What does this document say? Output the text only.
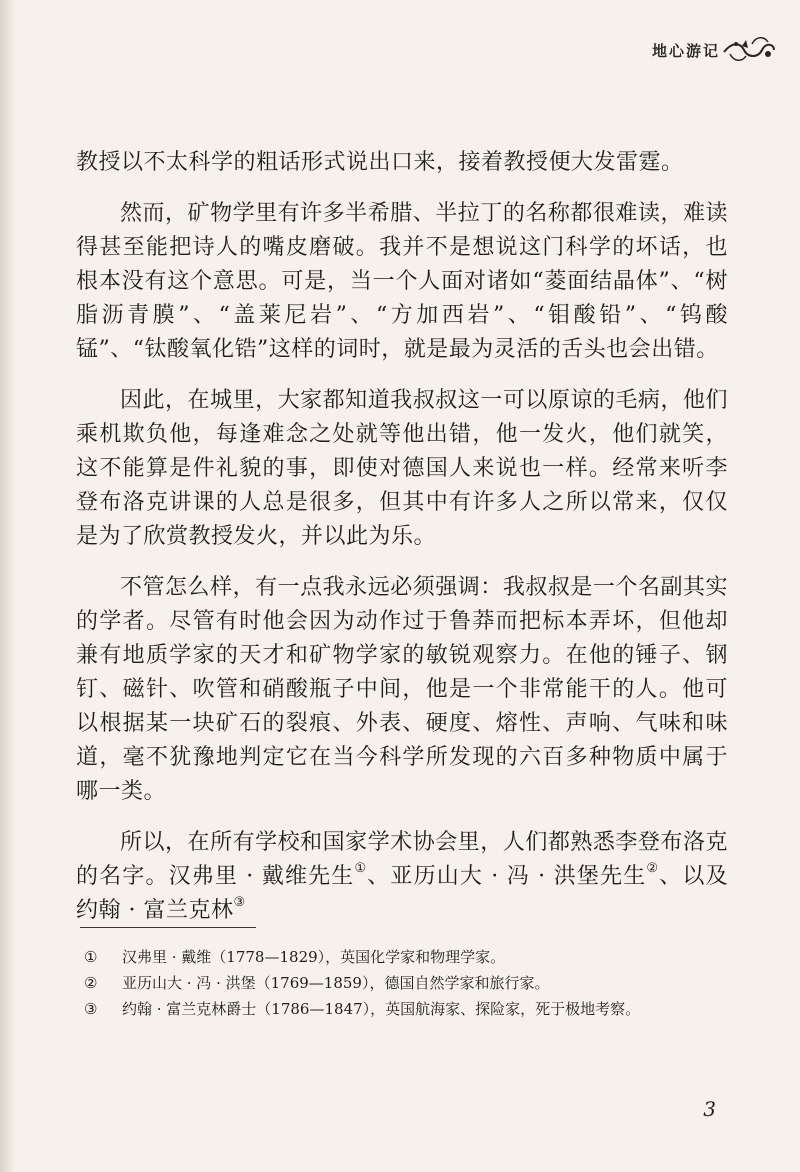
地心游记

教授以不太科学的粗话形式说出口来，接着教授便大发雷霆。

然而，矿物学里有许多半希腊、半拉丁的名称都很难读，难读得甚至能把诗人的嘴皮磨破。我并不是想说这门科学的坏话，也根本没有这个意思。可是，当一个人面对诸如“菱面结晶体”、“树脂沥青膜”、“盖莱尼岩”、“方加西岩”、“钼酸铅”、“钨酸锰”、“钛酸氧化锆”这样的词时，就是最为灵活的舌头也会出错。

因此，在城里，大家都知道我叔叔这一可以原谅的毛病，他们乘机欺负他，每逢难念之处就等他出错，他一发火，他们就笑，这不能算是件礼貌的事，即使对德国人来说也一样。经常来听李登布洛克讲课的人总是很多，但其中有许多人之所以常来，仅仅是为了欣赏教授发火，并以此为乐。

不管怎么样，有一点我永远必须强调：我叔叔是一个名副其实的学者。尽管有时他会因为动作过于鲁莽而把标本弄坏，但他却兼有地质学家的天才和矿物学家的敏锐观察力。在他的锤子、钢钉、磁针、吹管和硝酸瓶子中间，他是一个非常能干的人。他可以根据某一块矿石的裂痕、外表、硬度、熔性、声响、气味和味道，毫不犹豫地判定它在当今科学所发现的六百多种物质中属于哪一类。

所以，在所有学校和国家学术协会里，人们都熟悉李登布洛克的名字。汉弗里 · 戴维先生①、亚历山大 · 冯 · 洪堡先生②、以及约翰 · 富兰克林③

①	汉弗里 · 戴维（1778—1829），英国化学家和物理学家。
②	亚历山大 · 冯 · 洪堡（1769—1859），德国自然学家和旅行家。
③	约翰 · 富兰克林爵士（1786—1847），英国航海家、探险家，死于极地考察。
3
